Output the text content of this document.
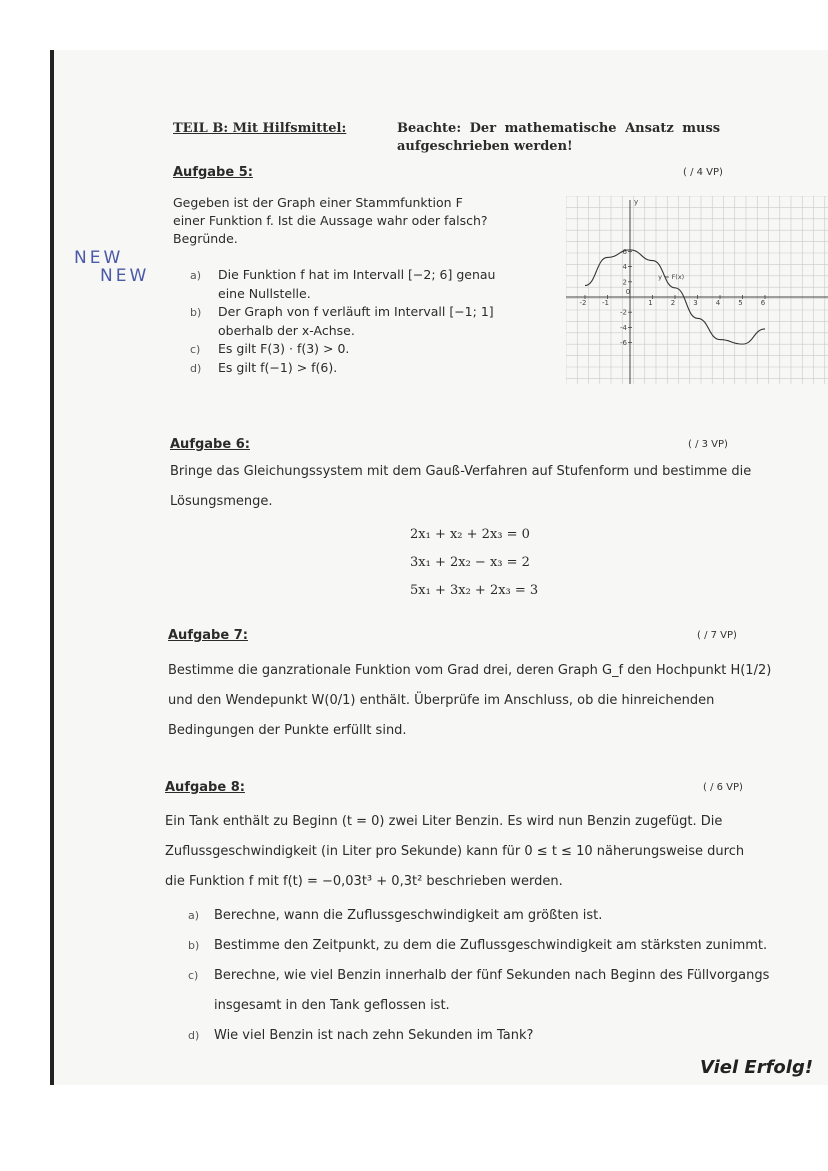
TEIL B: Mit Hilfsmittel:	Beachte: Der mathematische Ansatz muss
aufgeschrieben werden!
NEW
NEW
Aufgabe 5:	( / 4 VP)
Gegeben ist der Graph einer Stammfunktion F
einer Funktion f. Ist die Aussage wahr oder falsch?
Begründe.
a) Die Funktion f hat im Intervall [−2; 6] genau
eine Nullstelle.
b) Der Graph von f verläuft im Intervall [−1; 1]
oberhalb der x-Achse.
c) Es gilt F(3) · f(3) > 0.
d) Es gilt f(−1) > f(6).
-2 -1
0
1	2	3	4	5	6
6
4
2
-2
-4
-6
y
y = F(x)
Aufgabe 6:	( / 3 VP)
Bringe das Gleichungssystem mit dem Gauß-Verfahren auf Stufenform und bestimme die
Lösungsmenge.
2x₁ + x₂ + 2x₃ = 0
3x₁ + 2x₂ − x₃ = 2
5x₁ + 3x₂ + 2x₃ = 3
Aufgabe 7:	( / 7 VP)
Bestimme die ganzrationale Funktion vom Grad drei, deren Graph G_f den Hochpunkt H(1/2)
und den Wendepunkt W(0/1) enthält. Überprüfe im Anschluss, ob die hinreichenden
Bedingungen der Punkte erfüllt sind.
Aufgabe 8:	( / 6 VP)
Ein Tank enthält zu Beginn (t = 0) zwei Liter Benzin. Es wird nun Benzin zugefügt. Die
Zuflussgeschwindigkeit (in Liter pro Sekunde) kann für 0 ≤ t ≤ 10 näherungsweise durch
die Funktion f mit f(t) = −0,03t³ + 0,3t² beschrieben werden.
a) Berechne, wann die Zuflussgeschwindigkeit am größten ist.
b) Bestimme den Zeitpunkt, zu dem die Zuflussgeschwindigkeit am stärksten zunimmt.
c) Berechne, wie viel Benzin innerhalb der fünf Sekunden nach Beginn des Füllvorgangs
insgesamt in den Tank geflossen ist.
d) Wie viel Benzin ist nach zehn Sekunden im Tank?
Viel Erfolg!
